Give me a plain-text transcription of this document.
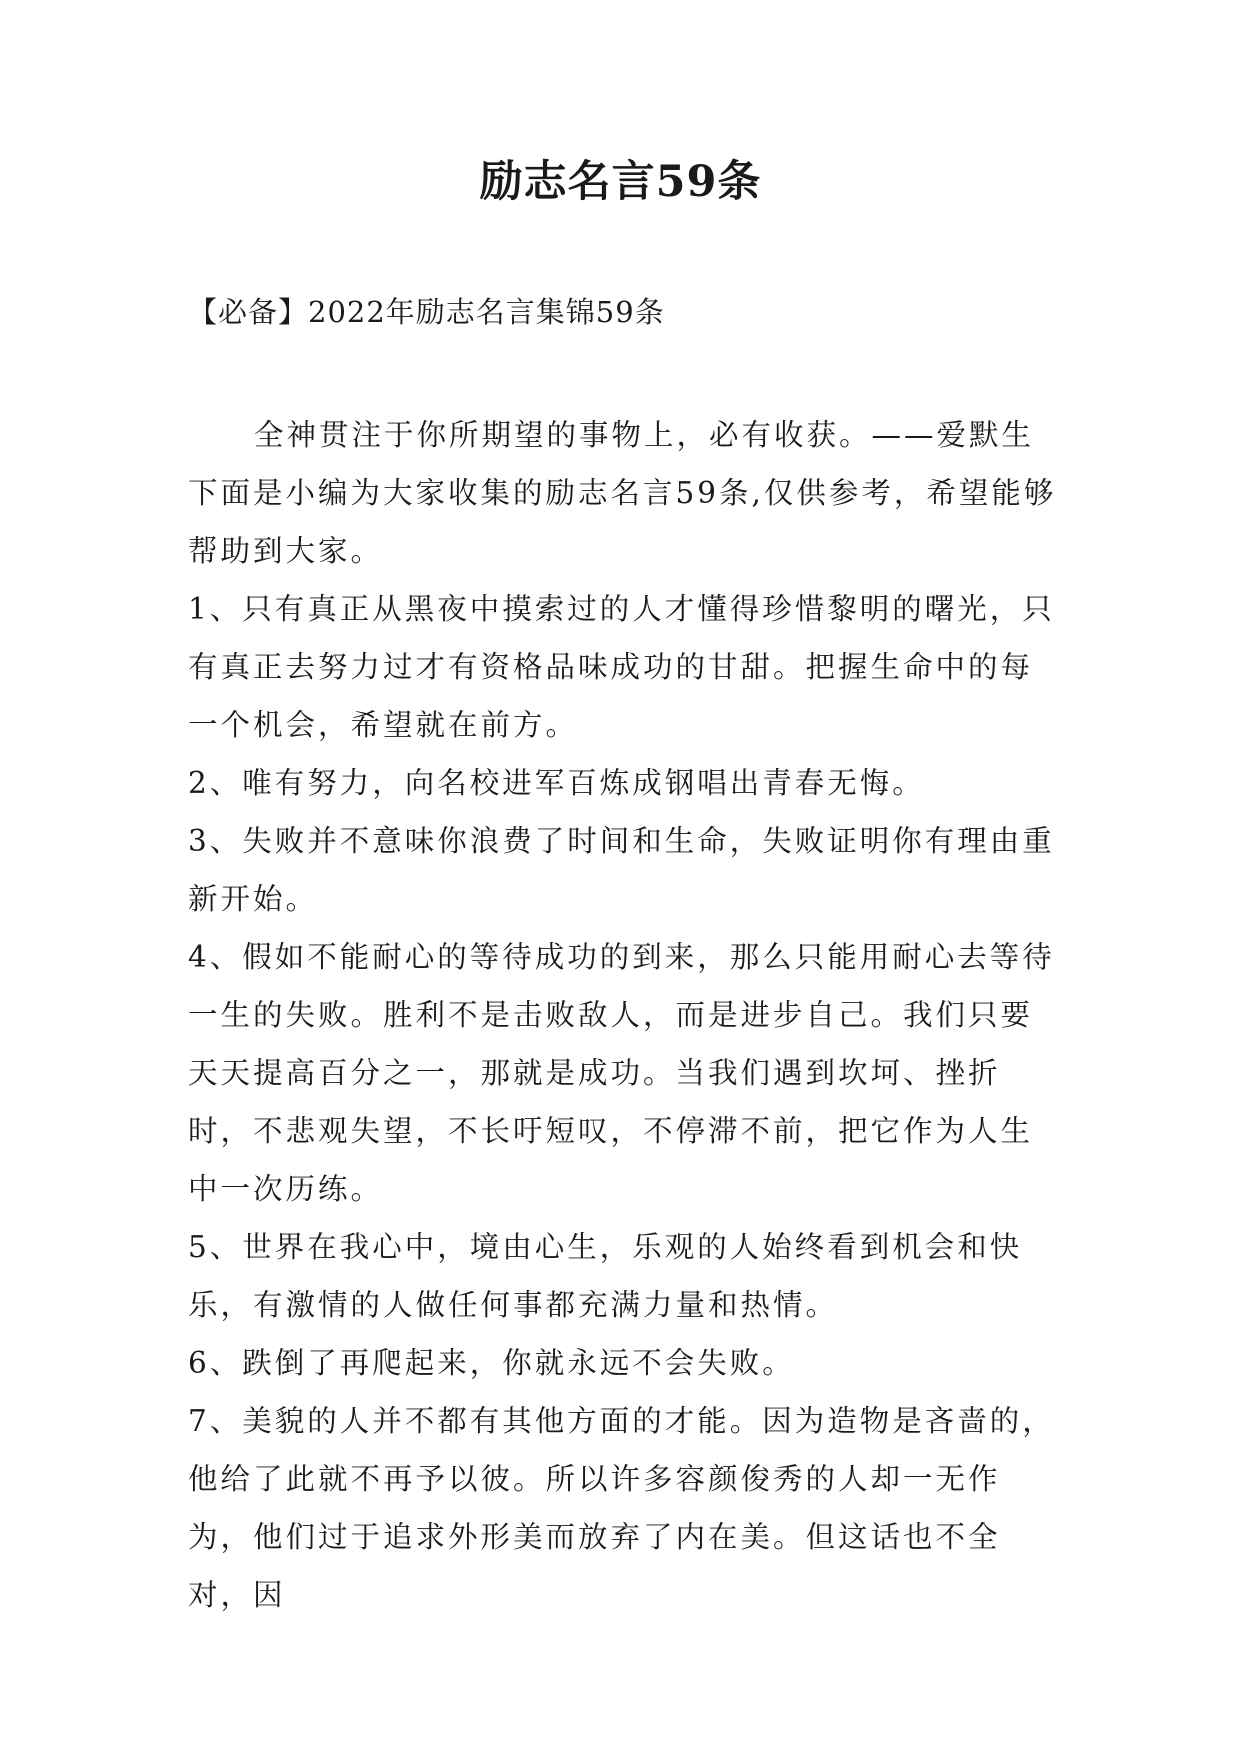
励志名言59条
【必备】2022年励志名言集锦59条

全神贯注于你所期望的事物上，必有收获。——爱默生下面是小编为大家收集的励志名言59条,仅供参考，希望能够帮助到大家。

1、只有真正从黑夜中摸索过的人才懂得珍惜黎明的曙光，只有真正去努力过才有资格品味成功的甘甜。把握生命中的每一个机会，希望就在前方。

2、唯有努力，向名校进军百炼成钢唱出青春无悔。

3、失败并不意味你浪费了时间和生命，失败证明你有理由重新开始。

4、假如不能耐心的等待成功的到来，那么只能用耐心去等待一生的失败。胜利不是击败敌人，而是进步自己。我们只要天天提高百分之一，那就是成功。当我们遇到坎坷、挫折时，不悲观失望，不长吁短叹，不停滞不前，把它作为人生中一次历练。

5、世界在我心中，境由心生，乐观的人始终看到机会和快乐，有激情的人做任何事都充满力量和热情。

6、跌倒了再爬起来，你就永远不会失败。

7、美貌的人并不都有其他方面的才能。因为造物是吝啬的，他给了此就不再予以彼。所以许多容颜俊秀的人却一无作为，他们过于追求外形美而放弃了内在美。但这话也不全对，因
